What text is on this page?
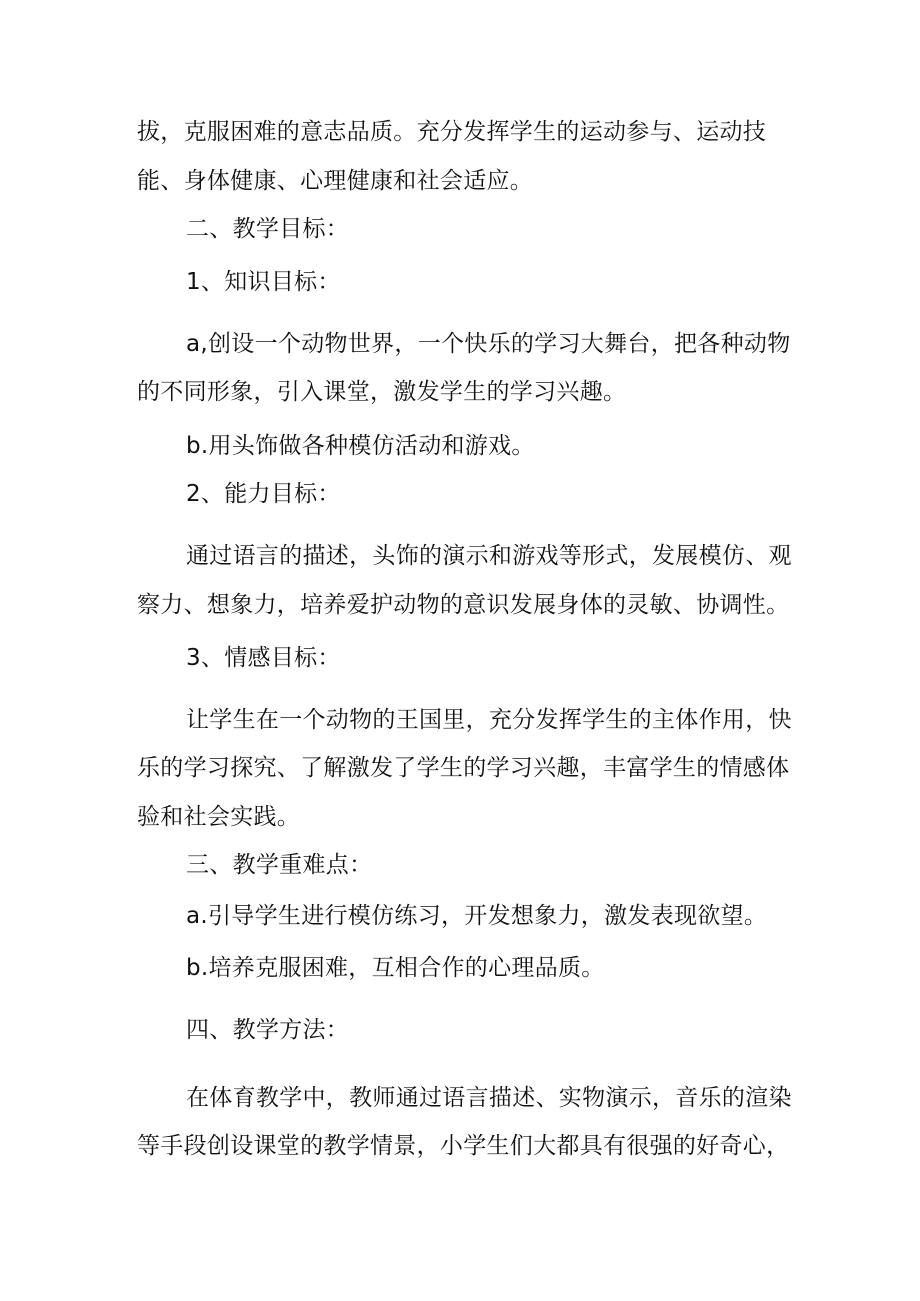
拔，克服困难的意志品质。充分发挥学生的运动参与、运动技

能、身体健康、心理健康和社会适应。

二、教学目标：

1、知识目标：

a,创设一个动物世界，一个快乐的学习大舞台，把各种动物

的不同形象，引入课堂，激发学生的学习兴趣。

b.用头饰做各种模仿活动和游戏。

2、能力目标：

通过语言的描述，头饰的演示和游戏等形式，发展模仿、观

察力、想象力，培养爱护动物的意识发展身体的灵敏、协调性。

3、情感目标：

让学生在一个动物的王国里，充分发挥学生的主体作用，快

乐的学习探究、了解激发了学生的学习兴趣，丰富学生的情感体

验和社会实践。

三、教学重难点：

a.引导学生进行模仿练习，开发想象力，激发表现欲望。

b.培养克服困难，互相合作的心理品质。

四、教学方法：

在体育教学中，教师通过语言描述、实物演示，音乐的渲染

等手段创设课堂的教学情景，小学生们大都具有很强的好奇心，
